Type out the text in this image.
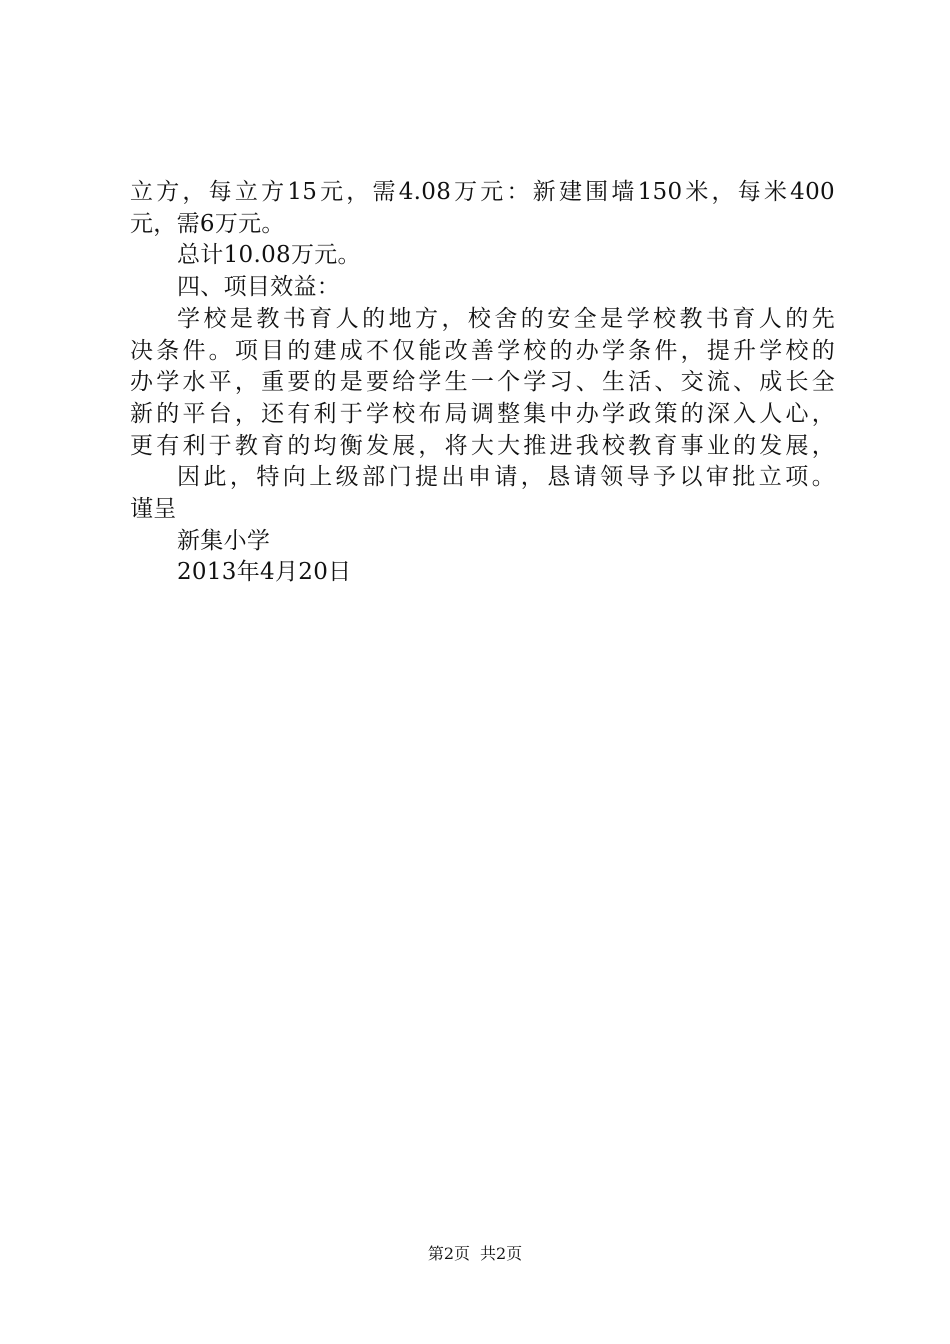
立方，每立方15元，需4.08万元：新建围墙150米，每米400
元，需6万元。
总计10.08万元。
四、项目效益：
学校是教书育人的地方，校舍的安全是学校教书育人的先
决条件。项目的建成不仅能改善学校的办学条件，提升学校的
办学水平，重要的是要给学生一个学习、生活、交流、成长全
新的平台，还有利于学校布局调整集中办学政策的深入人心，
更有利于教育的均衡发展，将大大推进我校教育事业的发展，
因此，特向上级部门提出申请，恳请领导予以审批立项。
谨呈
新集小学
2013年4月20日
第2页 共2页
